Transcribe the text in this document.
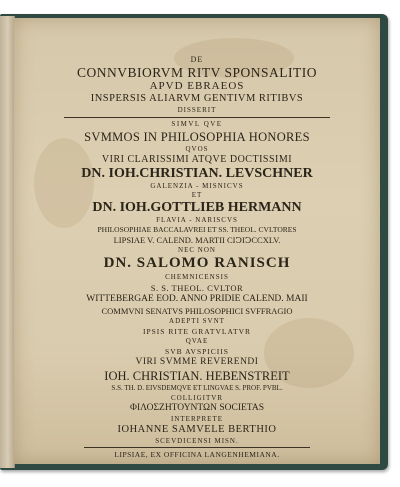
DE
CONNVBIORVM RITV SPONSALITIO
APVD EBRAEOS
INSPERSIS ALIARVM GENTIVM RITIBVS
DISSERIT
SIMVL QVE
SVMMOS IN PHILOSOPHIA HONORES
QVOS
VIRI CLARISSIMI ATQVE DOCTISSIMI
DN. IOH.CHRISTIAN. LEVSCHNER
GALENZIA - MISNICVS
ET
DN. IOH.GOTTLIEB HERMANN
FLAVIA - NARISCVS
PHILOSOPHIAE BACCALAVREI ET SS. THEOL. CVLTORES
LIPSIAE V. CALEND. MARTII CIↃIↃCCXLV.
NEC NON
DN. SALOMO RANISCH
CHEMNICENSIS
S. S. THEOL. CVLTOR
WITTEBERGAE EOD. ANNO PRIDIE CALEND. MAII
COMMVNI SENATVS PHILOSOPHICI SVFFRAGIO
ADEPTI SVNT
IPSIS RITE GRATVLATVR
QVAE
SVB AVSPICIIS
VIRI SVMME REVERENDI
IOH. CHRISTIAN. HEBENSTREIT
S.S. TH. D. EIVSDEMQVE ET LINGVAE S. PROF. PVBL.
COLLIGITVR
ΦΙΛΟΣΖΗΤΟΥΝΤΩΝ SOCIETAS
INTERPRETE
IOHANNE SAMVELE BERTHIO
SCEVDICENSI MISN.
LIPSIAE, EX OFFICINA LANGENHEMIANA.
